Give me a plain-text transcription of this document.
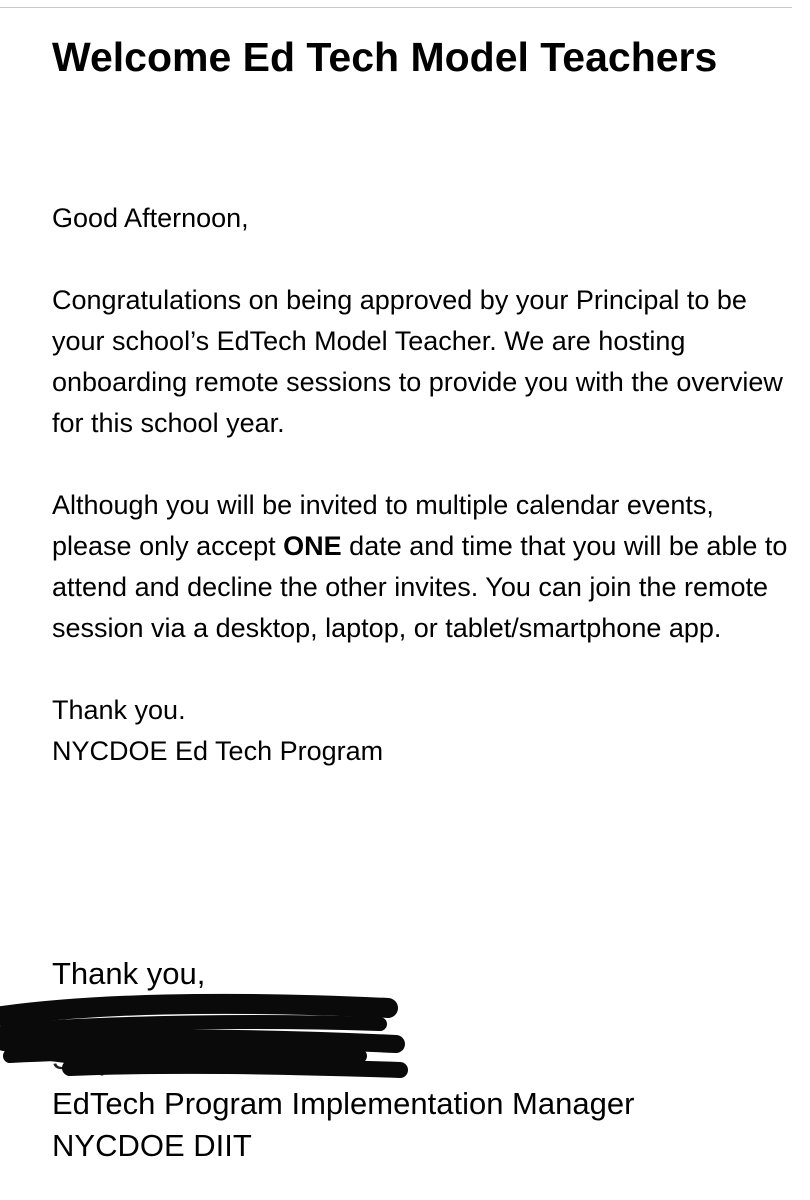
Welcome Ed Tech Model Teachers

Good Afternoon,

Congratulations on being approved by your Principal to be your school’s EdTech Model Teacher. We are hosting onboarding remote sessions to provide you with the overview for this school year.

Although you will be invited to multiple calendar events, please only accept ONE date and time that you will be able to attend and decline the other invites. You can join the remote session via a desktop, laptop, or tablet/smartphone app.

Thank you.
NYCDOE Ed Tech Program
Thank you,
Stephanie Cabarcas
EdTech Program Implementation Manager
NYCDOE DIIT
